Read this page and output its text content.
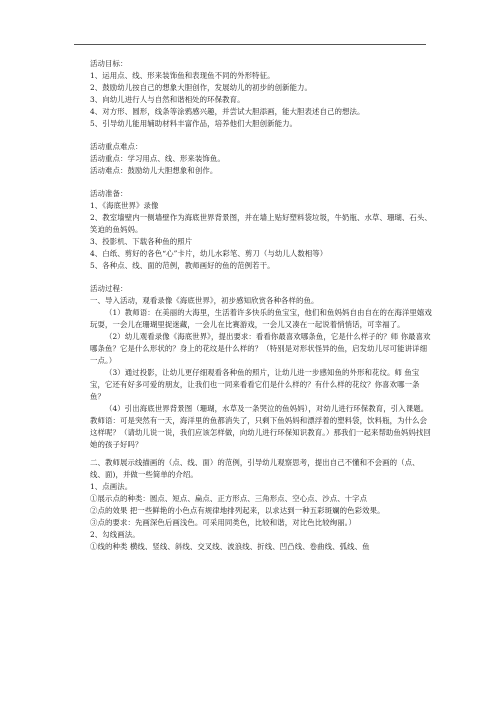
活动目标：
1、运用点、线、形来装饰鱼和表现鱼不同的外形特征。
2、鼓励幼儿按自己的想象大胆创作，发展幼儿的初步的创新能力。
3、向幼儿进行人与自然和谐相处的环保教育。
4、对方形、圆形，线条等涂鸦感兴趣，并尝试大胆添画，能大胆表述自己的想法。
5、引导幼儿能用辅助材料丰富作品，培养他们大胆创新能力。
活动重点难点：
活动重点：学习用点、线、形来装饰鱼。
活动难点：鼓励幼儿大胆想象和创作。
活动准备：
1、《海底世界》录像
2、教室墙壁内一侧墙壁作为海底世界背景图，并在墙上贴好塑料袋垃圾，牛奶瓶、水草、珊瑚、石头、笑迫的鱼妈妈。
3、投影机、下载各种鱼的照片
4、白纸、剪好的各色“心”卡片，幼儿水彩笔、剪刀（与幼儿人数相等）
5、各种点、线、面的范例，教师画好的鱼的范例若干。
活动过程：
一、导入活动，观看录像《海底世界》，初步感知欣赏各种各样的鱼。
（1）教师语：在美丽的大海里，生活着许多快乐的鱼宝宝，他们和鱼妈妈自由自在的在海洋里嬉戏玩耍，一会儿在珊瑚里捉迷藏，一会儿在比赛游戏，一会儿又凑在一起说着悄悄话，可幸福了。
（2）幼儿观看录像《海底世界》，提出要求：看看你最喜欢哪条鱼，它是什么样子的？师 你最喜欢哪条鱼？它是什么形状的？身上的花纹是什么样的？（特别是对形状怪异的鱼，启发幼儿尽可能讲详细一点。）
（3）通过投影，让幼儿更仔细观看各种鱼的照片，让幼儿进一步感知鱼的外形和花纹。师 鱼宝宝，它还有好多可爱的朋友，让我们也一同来看看它们是什么样的？有什么样的花纹？你喜欢哪一条鱼？
（4）引出海底世界背景图（珊瑚，水草及一条哭泣的鱼妈妈），对幼儿进行环保教育，引入课题。 教师语：可是突然有一天，海洋里的鱼都消失了，只剩下鱼妈妈和漂浮着的塑料袋，饮料瓶，为什么会这样呢？（请幼儿说一说，我们应该怎样做，向幼儿进行环保知识教育。）那我们一起来帮助鱼妈妈找回她的孩子好吗？
二、教师展示线描画的（点、线、面）的范例，引导幼儿观察思考，提出自己不懂和不会画的（点、线、面)，并做一些简单的介绍。
1、点画法。
①展示点的种类：圆点、短点、扁点、正方形点、三角形点、空心点、沙点、十字点
②点的效果 把一些鲜艳的小色点有规律地排列起来，以求达到一种五彩斑斓的色彩效果。
③点的要求：先画深色后画浅色。可采用同类色，比较和谐，对比色比较绚丽。）
2、勾线画法。
①线的种类 横线、竖线、斜线、交叉线、波浪线、折线、凹凸线、卷曲线、弧线、鱼
